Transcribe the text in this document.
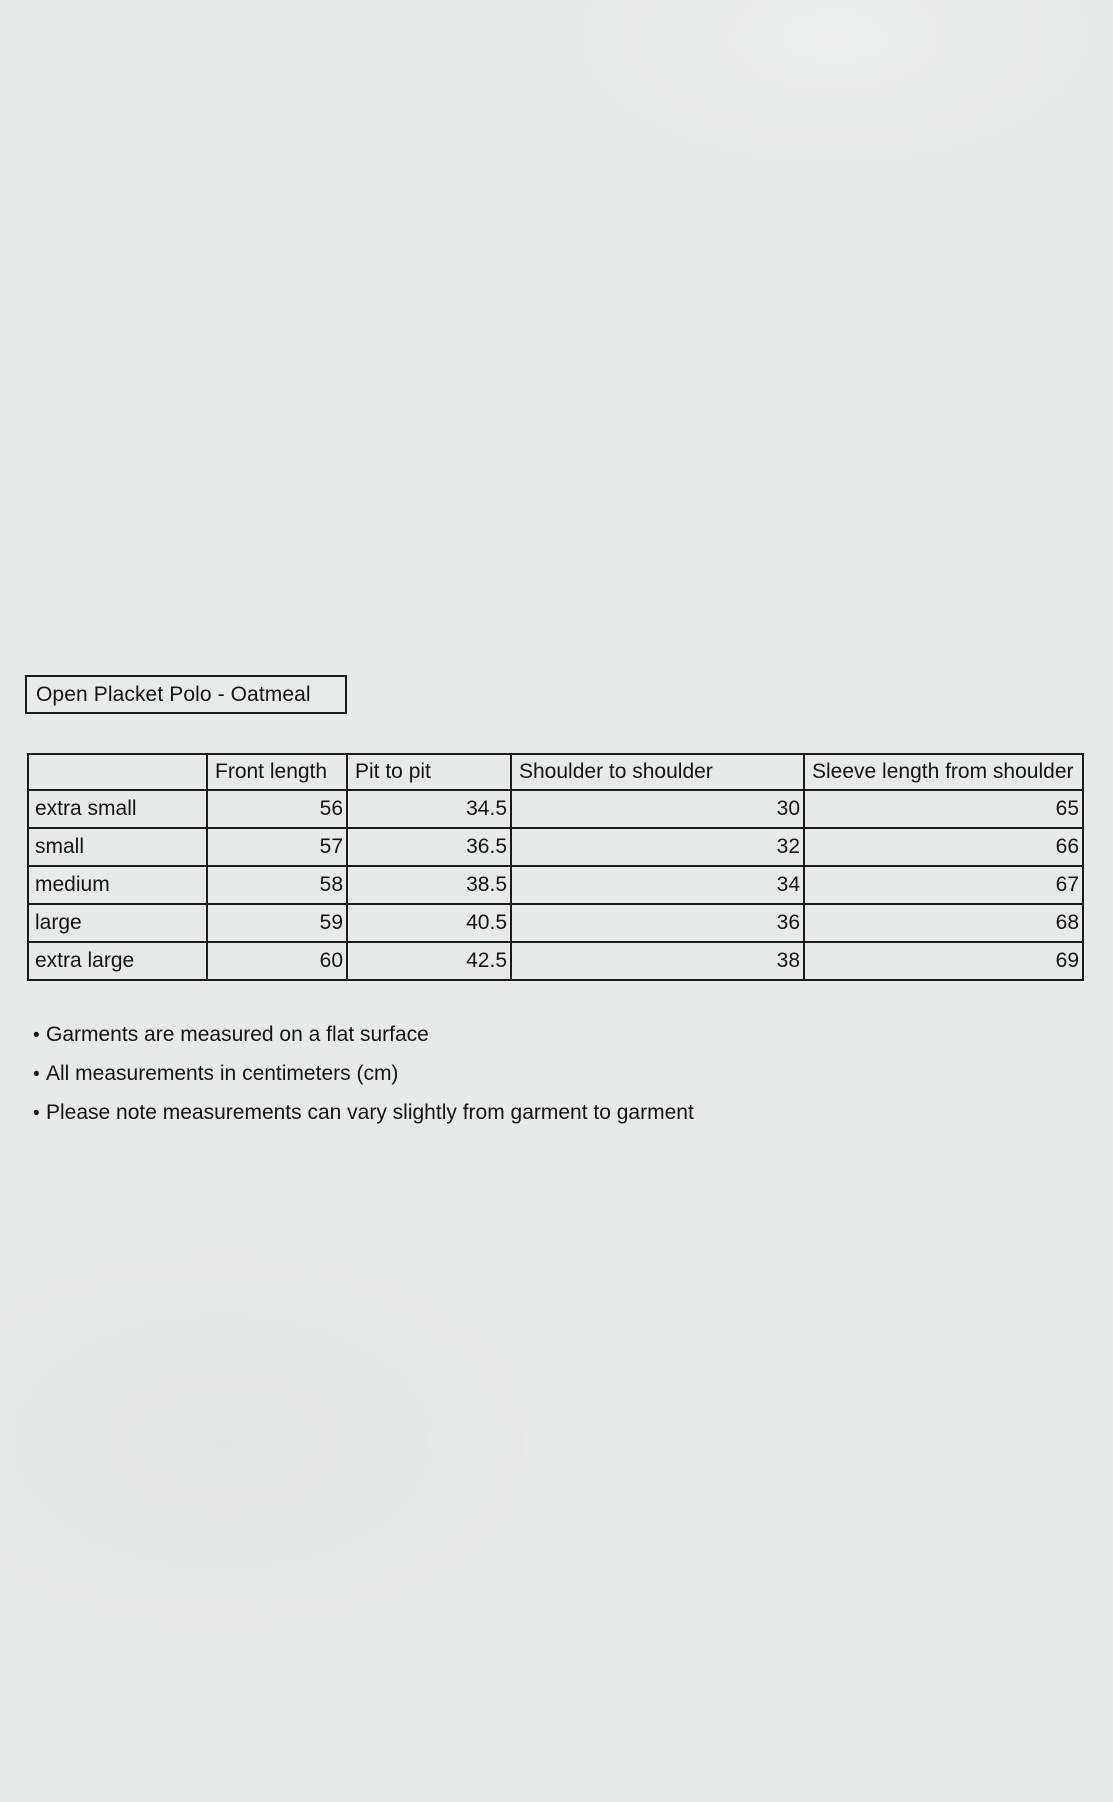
Open Placket Polo - Oatmeal
	Front length	Pit to pit	Shoulder to shoulder	Sleeve length from shoulder
extra small	56	34.5	30	65
small	57	36.5	32	66
medium	58	38.5	34	67
large	59	40.5	36	68
extra large	60	42.5	38	69
• Garments are measured on a flat surface
• All measurements in centimeters (cm)
• Please note measurements can vary slightly from garment to garment
